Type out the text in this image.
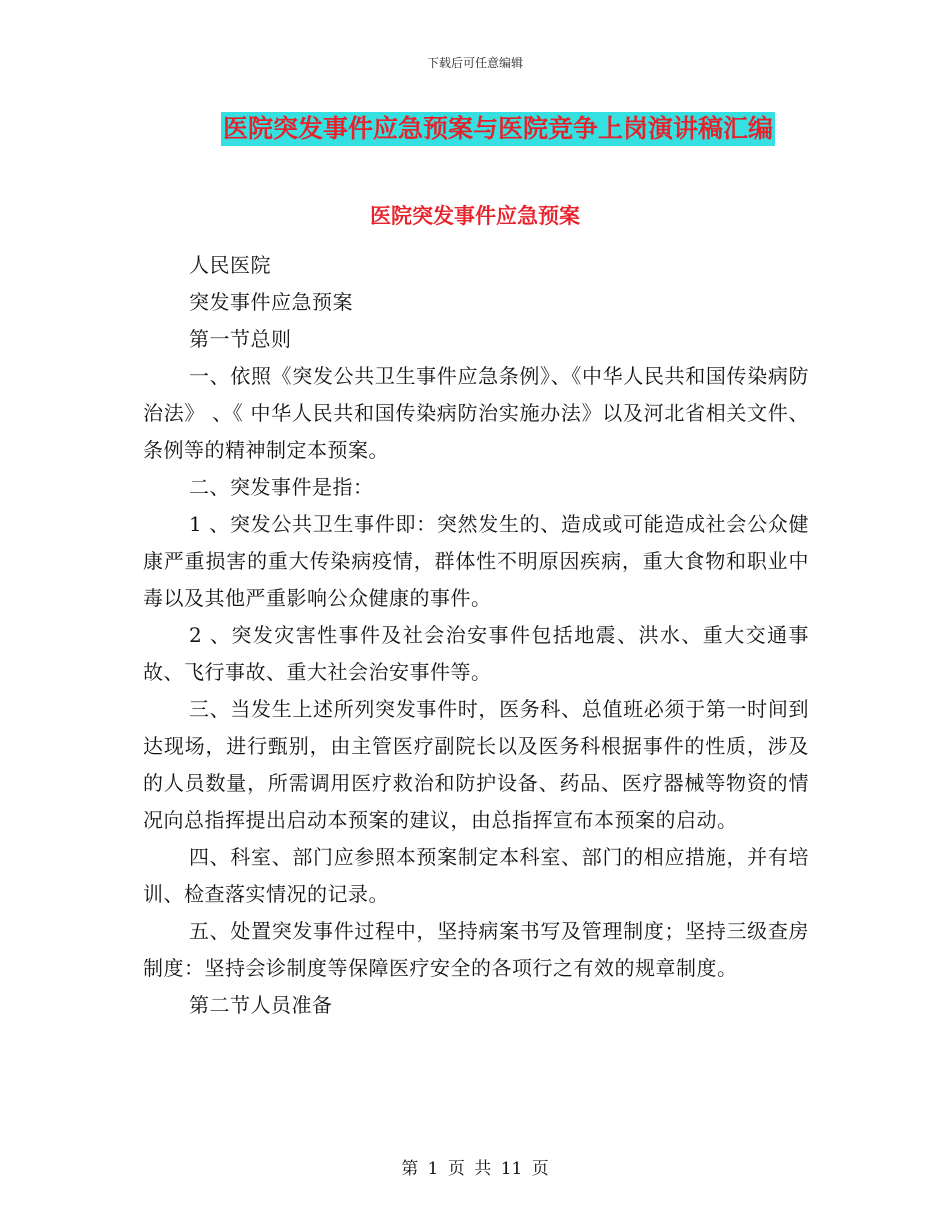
下载后可任意编辑
医院突发事件应急预案与医院竞争上岗演讲稿汇编
医院突发事件应急预案

人民医院

突发事件应急预案

第一节总则

一、依照《突发公共卫生事件应急条例》、《中华人民共和国传染病防治法》 、《 中华人民共和国传染病防治实施办法》以及河北省相关文件、条例等的精神制定本预案。

二、突发事件是指：

1 、突发公共卫生事件即：突然发生的、造成或可能造成社会公众健康严重损害的重大传染病疫情，群体性不明原因疾病，重大食物和职业中毒以及其他严重影响公众健康的事件。

2 、突发灾害性事件及社会治安事件包括地震、洪水、重大交通事故、飞行事故、重大社会治安事件等。

三、当发生上述所列突发事件时，医务科、总值班必须于第一时间到达现场，进行甄别，由主管医疗副院长以及医务科根据事件的性质，涉及的人员数量，所需调用医疗救治和防护设备、药品、医疗器械等物资的情况向总指挥提出启动本预案的建议，由总指挥宣布本预案的启动。

四、科室、部门应参照本预案制定本科室、部门的相应措施，并有培训、检查落实情况的记录。

五、处置突发事件过程中，坚持病案书写及管理制度；坚持三级查房制度：坚持会诊制度等保障医疗安全的各项行之有效的规章制度。

第二节人员准备

第 1 页 共 11 页
